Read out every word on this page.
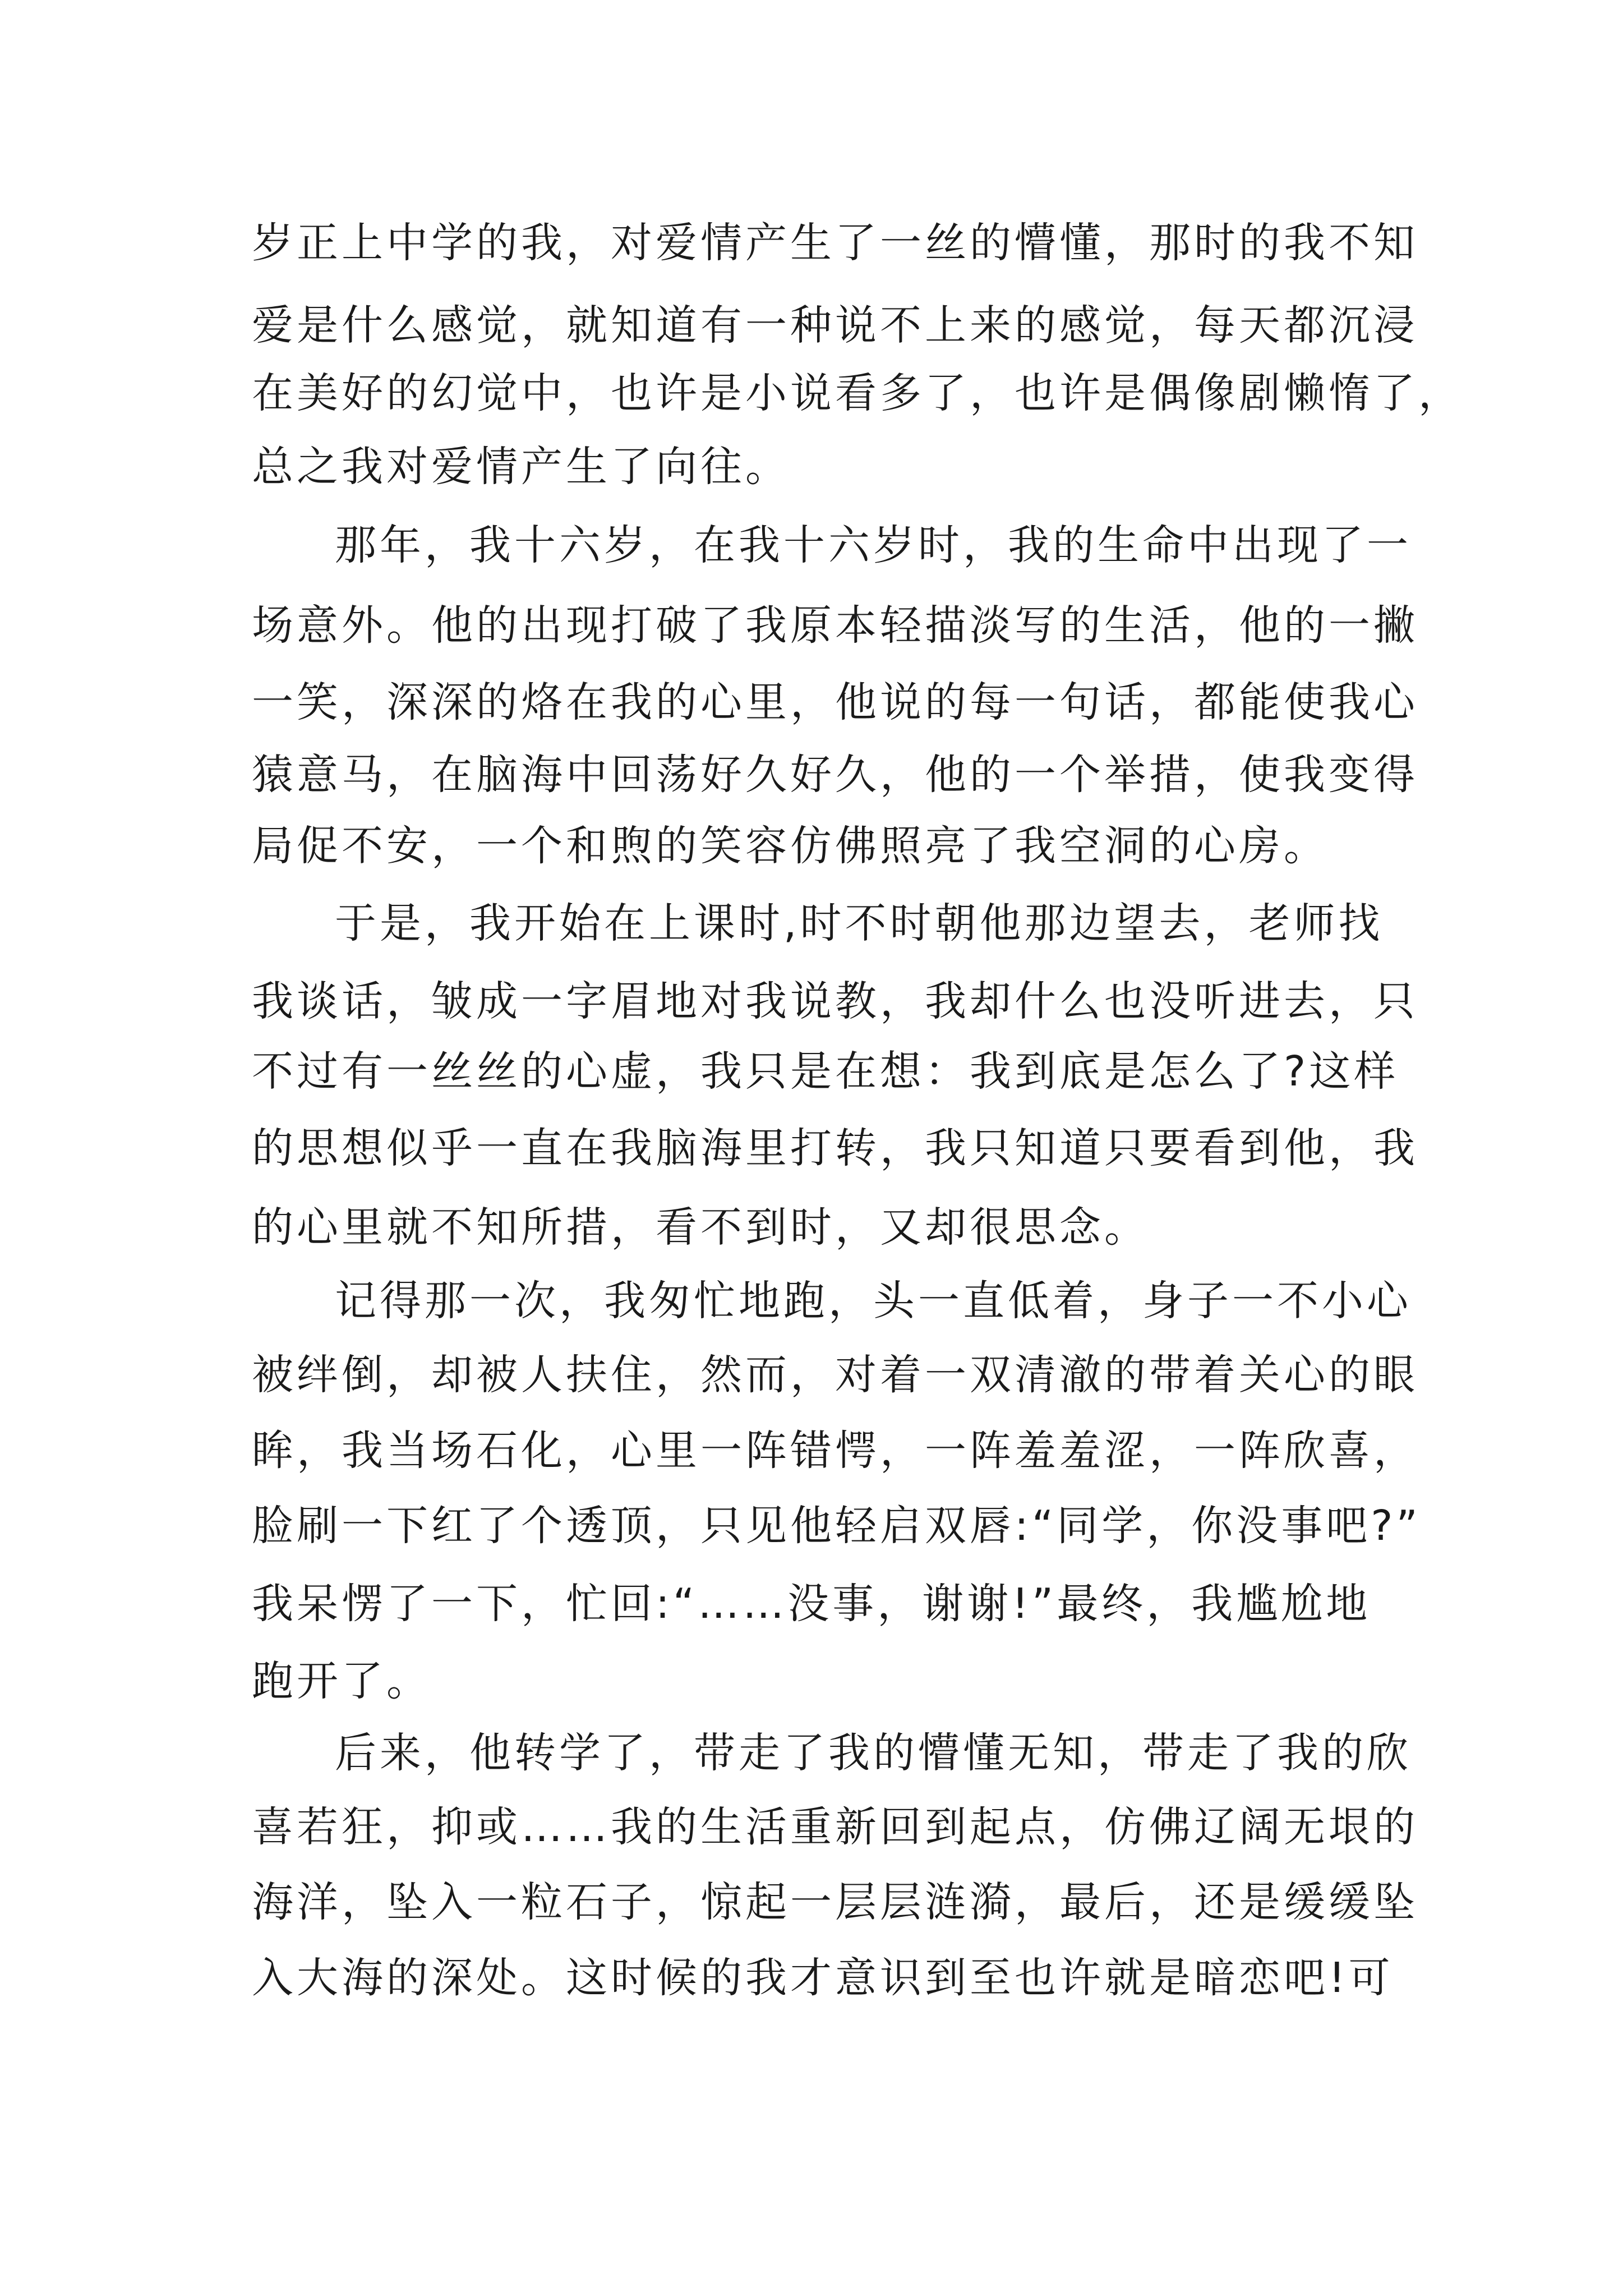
岁正上中学的我，对爱情产生了一丝的懵懂，那时的我不知

爱是什么感觉，就知道有一种说不上来的感觉，每天都沉浸

在美好的幻觉中，也许是小说看多了，也许是偶像剧懒惰了，

总之我对爱情产生了向往。

那年，我十六岁，在我十六岁时，我的生命中出现了一

场意外。他的出现打破了我原本轻描淡写的生活，他的一撇

一笑，深深的烙在我的心里，他说的每一句话，都能使我心

猿意马，在脑海中回荡好久好久，他的一个举措，使我变得

局促不安，一个和煦的笑容仿佛照亮了我空洞的心房。

于是，我开始在上课时,时不时朝他那边望去，老师找

我谈话，皱成一字眉地对我说教，我却什么也没听进去，只

不过有一丝丝的心虚，我只是在想：我到底是怎么了?这样

的思想似乎一直在我脑海里打转，我只知道只要看到他，我

的心里就不知所措，看不到时，又却很思念。

记得那一次，我匆忙地跑，头一直低着，身子一不小心

被绊倒，却被人扶住，然而，对着一双清澈的带着关心的眼

眸，我当场石化，心里一阵错愕，一阵羞羞涩，一阵欣喜，

脸刷一下红了个透顶，只见他轻启双唇:“同学，你没事吧?”

我呆愣了一下，忙回:“……没事，谢谢!”最终，我尴尬地

跑开了。

后来，他转学了，带走了我的懵懂无知，带走了我的欣

喜若狂，抑或……我的生活重新回到起点，仿佛辽阔无垠的

海洋，坠入一粒石子，惊起一层层涟漪，最后，还是缓缓坠

入大海的深处。这时候的我才意识到至也许就是暗恋吧!可
